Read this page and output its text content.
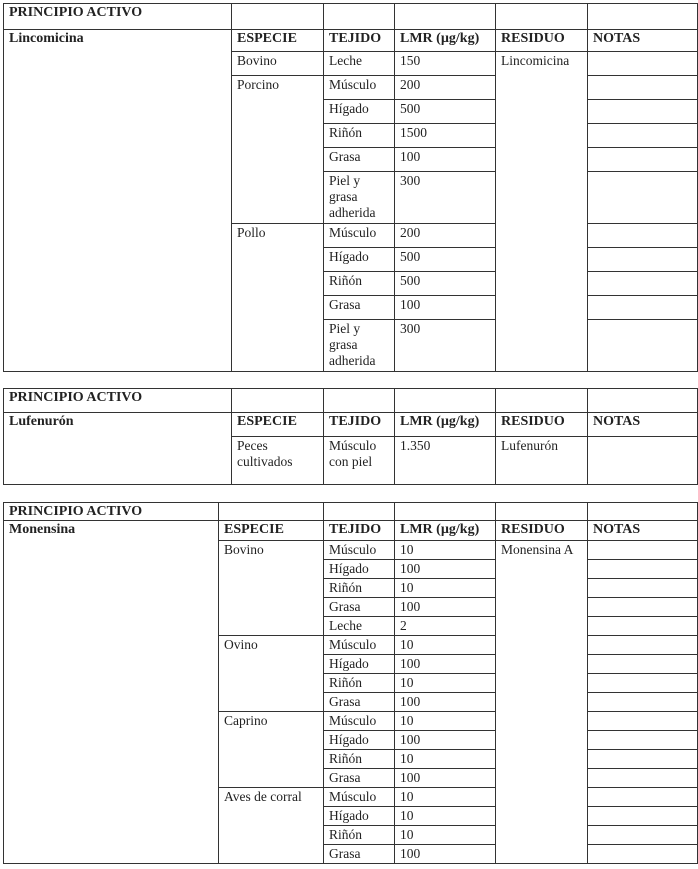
PRINCIPIO ACTIVO					
Lincomicina	ESPECIE	TEJIDO	LMR (µg/kg)	RESIDUO	NOTAS
	Bovino	Leche	150	Lincomicina	
	Porcino	Músculo	200		
		Hígado	500		
		Riñón	1500		
		Grasa	100		
		Piel y grasa adherida	300		
	Pollo	Músculo	200		
		Hígado	500		
		Riñón	500		
		Grasa	100		
		Piel y grasa adherida	300		
PRINCIPIO ACTIVO					
Lufenurón	ESPECIE	TEJIDO	LMR (µg/kg)	RESIDUO	NOTAS
	Peces cultivados	Músculo con piel	1.350	Lufenurón	
PRINCIPIO ACTIVO					
Monensina	ESPECIE	TEJIDO	LMR (µg/kg)	RESIDUO	NOTAS
	Bovino	Músculo	10	Monensina A	
		Hígado	100		
		Riñón	10		
		Grasa	100		
		Leche	2		
	Ovino	Músculo	10		
		Hígado	100		
		Riñón	10		
		Grasa	100		
	Caprino	Músculo	10		
		Hígado	100		
		Riñón	10		
		Grasa	100		
	Aves de corral	Músculo	10		
		Hígado	10		
		Riñón	10		
		Grasa	100		
